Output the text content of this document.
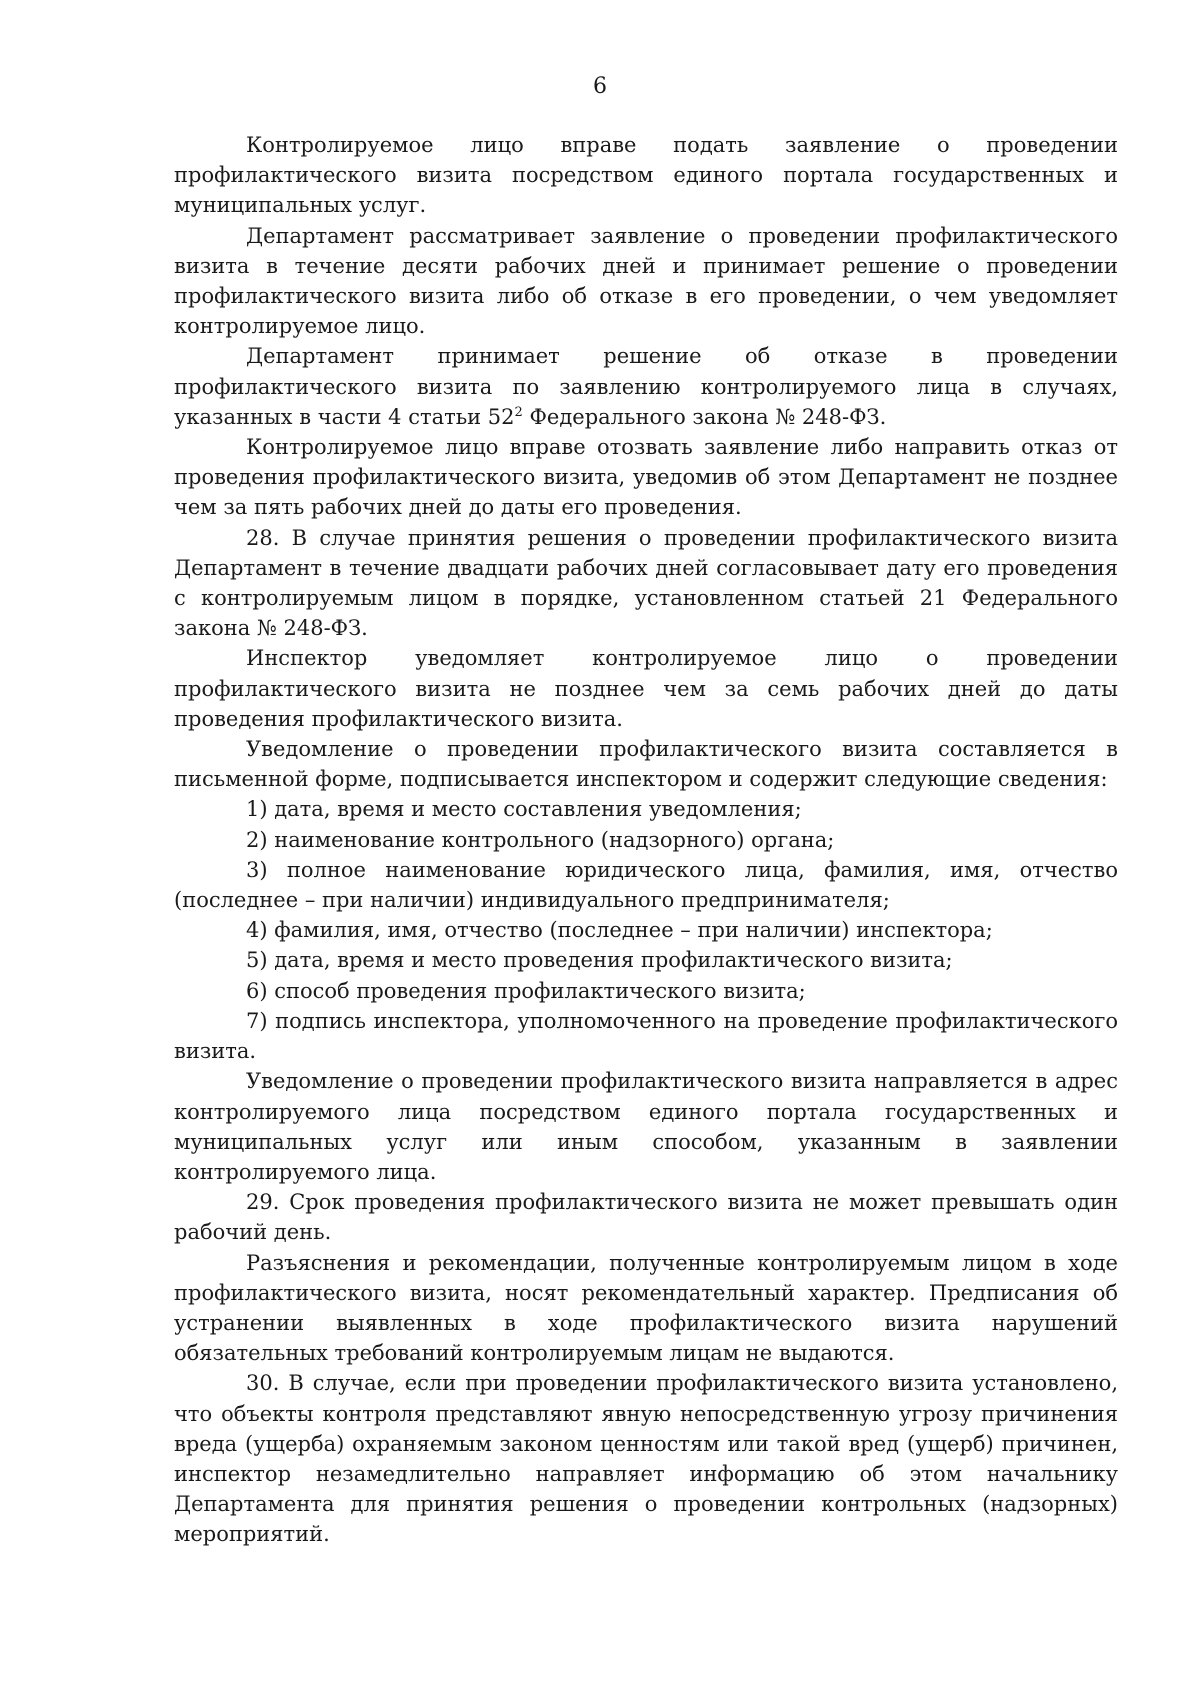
6

Контролируемое лицо вправе подать заявление о проведении профилактического визита посредством единого портала государственных и муниципальных услуг.

Департамент рассматривает заявление о проведении профилактического визита в течение десяти рабочих дней и принимает решение о проведении профилактического визита либо об отказе в его проведении, о чем уведомляет контролируемое лицо.

Департамент принимает решение об отказе в проведении профилактического визита по заявлению контролируемого лица в случаях, указанных в части 4 статьи $52^2$ Федерального закона № 248-ФЗ.

Контролируемое лицо вправе отозвать заявление либо направить отказ от проведения профилактического визита, уведомив об этом Департамент не позднее чем за пять рабочих дней до даты его проведения.

28. В случае принятия решения о проведении профилактического визита Департамент в течение двадцати рабочих дней согласовывает дату его проведения с контролируемым лицом в порядке, установленном статьей 21 Федерального закона № 248-ФЗ.

Инспектор уведомляет контролируемое лицо о проведении профилактического визита не позднее чем за семь рабочих дней до даты проведения профилактического визита.

Уведомление о проведении профилактического визита составляется в письменной форме, подписывается инспектором и содержит следующие сведения:

1) дата, время и место составления уведомления;

2) наименование контрольного (надзорного) органа;

3) полное наименование юридического лица, фамилия, имя, отчество (последнее – при наличии) индивидуального предпринимателя;

4) фамилия, имя, отчество (последнее – при наличии) инспектора;

5) дата, время и место проведения профилактического визита;

6) способ проведения профилактического визита;

7) подпись инспектора, уполномоченного на проведение профилактического визита.

Уведомление о проведении профилактического визита направляется в адрес контролируемого лица посредством единого портала государственных и муниципальных услуг или иным способом, указанным в заявлении контролируемого лица.

29. Срок проведения профилактического визита не может превышать один рабочий день.

Разъяснения и рекомендации, полученные контролируемым лицом в ходе профилактического визита, носят рекомендательный характер. Предписания об устранении выявленных в ходе профилактического визита нарушений обязательных требований контролируемым лицам не выдаются.

30. В случае, если при проведении профилактического визита установлено, что объекты контроля представляют явную непосредственную угрозу причинения вреда (ущерба) охраняемым законом ценностям или такой вред (ущерб) причинен, инспектор незамедлительно направляет информацию об этом начальнику Департамента для принятия решения о проведении контрольных (надзорных) мероприятий.
